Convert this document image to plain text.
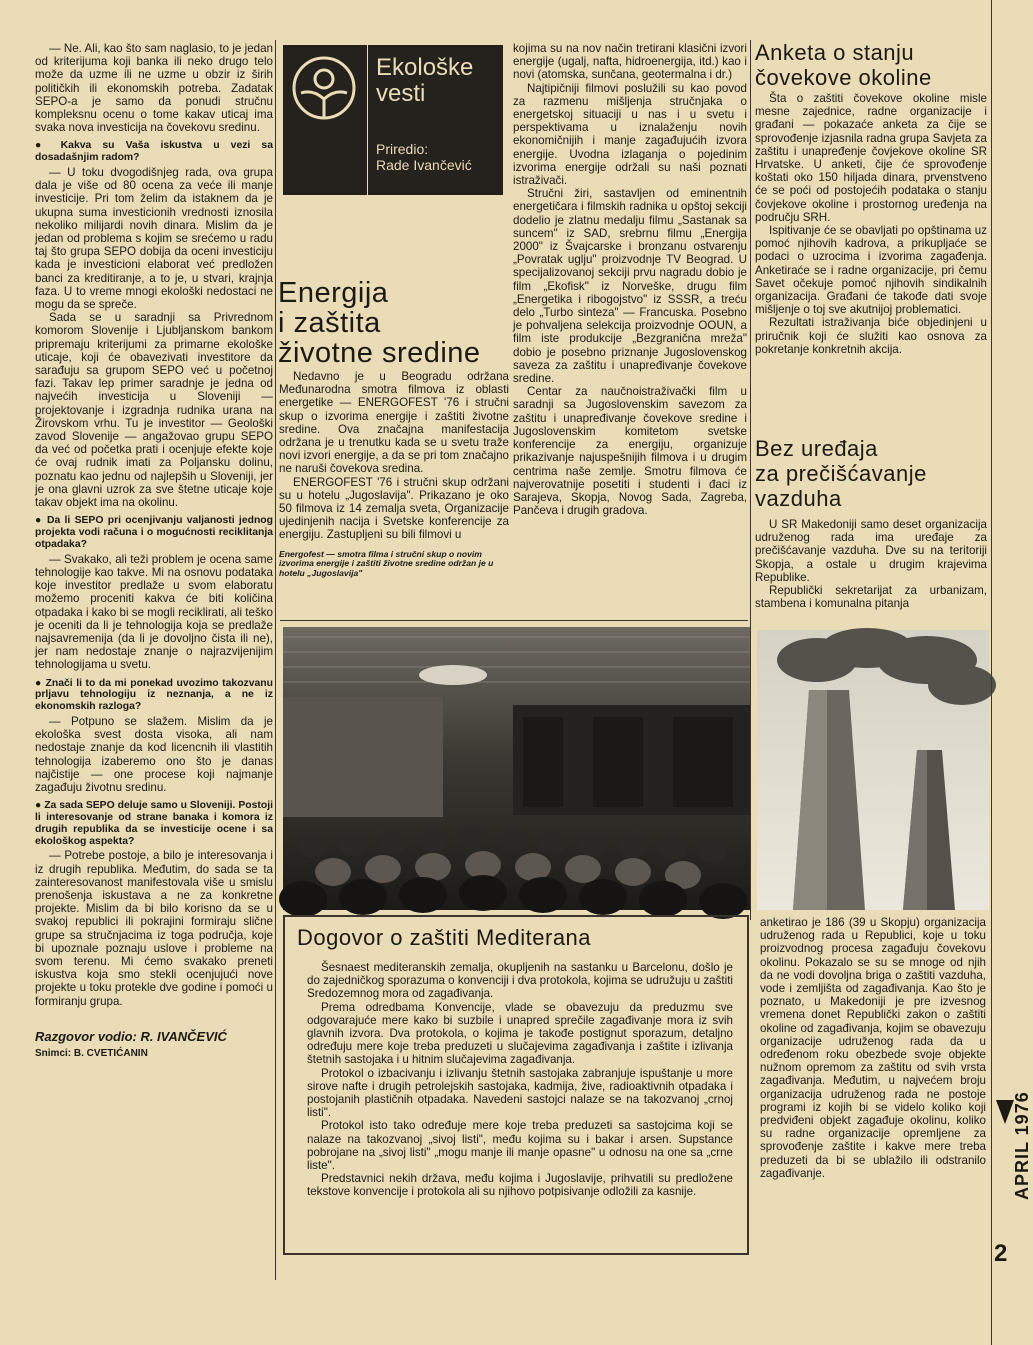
— Ne. Ali, kao što sam naglasio, to je jedan od kriterijuma koji banka ili neko drugo telo može da uzme ili ne uzme u obzir iz širih političkih ili ekonomskih potreba. Zadatak SEPO-a je samo da ponudi stručnu kompleksnu ocenu o tome kakav uticaj ima svaka nova investicija na čovekovu sredinu.

● Kakva su Vaša iskustva u vezi sa dosadašnjim radom?

— U toku dvogodišnjeg rada, ova grupa dala je više od 80 ocena za veće ili manje investicije. Pri tom želim da istaknem da je ukupna suma investicionih vrednosti iznosila nekoliko milijardi novih dinara. Mislim da je jedan od problema s kojim se srećemo u radu taj što grupa SEPO dobija da oceni investiciju kada je investicioni elaborat već predložen banci za kreditiranje, a to je, u stvari, krajnja faza. U to vreme mnogi ekološki nedostaci ne mogu da se spreče.

Sada se u saradnji sa Privrednom komorom Slovenije i Ljubljanskom bankom pripremaju kriterijumi za primarne ekološke uticaje, koji će obavezivati investitore da sarađuju sa grupom SEPO već u početnoj fazi. Takav lep primer saradnje je jedna od najvećih investicija u Sloveniji — projektovanje i izgradnja rudnika urana na Žirovskom vrhu. Tu je investitor — Geološki zavod Slovenije — angažovao grupu SEPO da već od početka prati i ocenjuje efekte koje će ovaj rudnik imati za Poljansku dolinu, poznatu kao jednu od najlepših u Sloveniji, jer je ona glavni uzrok za sve štetne uticaje koje takav objekt ima na okolinu.

● Da li SEPO pri ocenjivanju valjanosti jednog projekta vodi računa i o mogućnosti reciklitanja otpadaka?

— Svakako, ali teži problem je ocena same tehnologije kao takve. Mi na osnovu podataka koje investitor predlaže u svom elaboratu možemo proceniti kakva će biti količina otpadaka i kako bi se mogli reciklirati, ali teško je oceniti da li je tehnologija koja se predlaže najsavremenija (da li je dovoljno čista ili ne), jer nam nedostaje znanje o najrazvijenijim tehnologijama u svetu.

● Znači li to da mi ponekad uvozimo takozvanu prljavu tehnologiju iz neznanja, a ne iz ekonomskih razloga?

— Potpuno se slažem. Mislim da je ekološka svest dosta visoka, ali nam nedostaje znanje da kod licencnih ili vlastitih tehnologija izaberemo ono što je danas najčistije — one procese koji najmanje zagađuju životnu sredinu.

● Za sada SEPO deluje samo u Sloveniji. Postoji li interesovanje od strane banaka i komora iz drugih republika da se investicije ocene i sa ekološkog aspekta?

— Potrebe postoje, a bilo je interesovanja i iz drugih republika. Međutim, do sada se ta zainteresovanost manifestovala više u smislu prenošenja iskustava a ne za konkretne projekte. Mislim da bi bilo korisno da se u svakoj republici ili pokrajini formiraju slične grupe sa stručnjacima iz toga područja, koje bi upoznale poznaju uslove i probleme na svom terenu. Mi ćemo svakako preneti iskustva koja smo stekli ocenjujući nove projekte u toku protekle dve godine i pomoći u formiranju grupa.

Razgovor vodio: R. IVANČEVIĆ
Snimci: B. CVETIĆANIN
Ekološke
vesti
Priredio:
Rade Ivančević
Energija
i zaštita
životne sredine

Nedavno je u Beogradu održana Međunarodna smotra filmova iz oblasti energetike — ENERGOFEST '76 i stručni skup o izvorima energije i zaštiti životne sredine. Ova značajna manifestacija održana je u trenutku kada se u svetu traže novi izvori energije, a da se pri tom značajno ne naruši čovekova sredina.

ENERGOFEST '76 i stručni skup održani su u hotelu „Jugoslavija". Prikazano je oko 50 filmova iz 14 zemalja sveta, Organizacije ujedinjenih nacija i Svetske konferencije za energiju. Zastupljeni su bili filmovi u

Energofest — smotra filma i stručni skup o novim izvorima energije i zaštiti životne sredine održan je u hotelu „Jugoslavija"

kojima su na nov način tretirani klasični izvori energije (ugalj, nafta, hidroenergija, itd.) kao i novi (atomska, sunčana, geotermalna i dr.)

Najtipičniji filmovi poslužili su kao povod za razmenu mišljenja stručnjaka o energetskoj situaciji u nas i u svetu i perspektivama u iznalaženju novih ekonomičnijih i manje zagađujućih izvora energije. Uvodna izlaganja o pojedinim izvorima energije održali su naši poznati istraživači.

Stručni žiri, sastavljen od eminentnih energetičara i filmskih radnika u opštoj sekciji dodelio je zlatnu medalju filmu „Sastanak sa suncem" iz SAD, srebrnu filmu „Energija 2000" iz Švajcarske i bronzanu ostvarenju „Povratak uglju" proizvodnje TV Beograd. U specijalizovanoj sekciji prvu nagradu dobio je film „Ekofisk" iz Norveške, drugu film „Energetika i ribogojstvo" iz SSSR, a treću delo „Turbo sinteza" — Francuska. Posebno je pohvaljena selekcija proizvodnje OOUN, a film iste produkcije „Bezgranična mreža" dobio je posebno priznanje Jugoslovenskog saveza za zaštitu i unapređivanje čovekove sredine.

Centar za naučnoistraživački film u saradnji sa Jugoslovenskim savezom za zaštitu i unapređivanje čovekove sredine i Jugoslovenskim komitetom svetske konferencije za energiju, organizuje prikazivanje najuspešnijih filmova i u drugim centrima naše zemlje. Smotru filmova će najverovatnije posetiti i studenti i đaci iz Sarajeva, Skopja, Novog Sada, Zagreba, Pančeva i drugih gradova.

Dogovor o zaštiti Mediterana

Šesnaest mediteranskih zemalja, okupljenih na sastanku u Barcelonu, došlo je do zajedničkog sporazuma o konvenciji i dva protokola, kojima se udružuju u zaštiti Sredozemnog mora od zagađivanja.

Prema odredbama Konvencije, vlade se obavezuju da preduzmu sve odgovarajuće mere kako bi suzbile i unapred sprečile zagađivanje mora iz svih glavnih izvora. Dva protokola, o kojima je takođe postignut sporazum, detaljno određuju mere koje treba preduzeti u slučajevima zagađivanja i zaštite i izlivanja štetnih sastojaka i u hitnim slučajevima zagađivanja.

Protokol o izbacivanju i izlivanju štetnih sastojaka zabranjuje ispuštanje u more sirove nafte i drugih petrolejskih sastojaka, kadmija, žive, radioaktivnih otpadaka i postojanih plastičnih otpadaka. Navedeni sastojci nalaze se na takozvanoj „crnoj listi".

Protokol isto tako određuje mere koje treba preduzeti sa sastojcima koji se nalaze na takozvanoj „sivoj listi", među kojima su i bakar i arsen. Supstance pobrojane na „sivoj listi" „mogu manje ili manje opasne" u odnosu na one sa „crne liste".

Predstavnici nekih država, među kojima i Jugoslavije, prihvatili su predložene tekstove konvencije i protokola ali su njihovo potpisivanje odložili za kasnije.

Anketa o stanju
čovekove okoline

Šta o zaštiti čovekove okoline misle mesne zajednice, radne organizacije i građani — pokazaće anketa za čije se sprovođenje izjasnila radna grupa Savjeta za zaštitu i unapređenje čovjekove okoline SR Hrvatske. U anketi, čije će sprovođenje koštati oko 150 hiljada dinara, prvenstveno će se poći od postojećih podataka o stanju čovjekove okoline i prostornog uređenja na području SRH.

Ispitivanje će se obavljati po opštinama uz pomoć njihovih kadrova, a prikupljaće se podaci o uzrocima i izvorima zagađenja. Anketiraće se i radne organizacije, pri čemu Savet očekuje pomoć njihovih sindikalnih organizacija. Građani će takođe dati svoje mišljenje o toj sve akutnijoj problematici.

Rezultati istraživanja biće objedinjeni u priručnik koji će služiti kao osnova za pokretanje konkretnih akcija.

Bez uređaja
za prečišćavanje
vazduha

U SR Makedoniji samo deset organizacija udruženog rada ima uređaje za prečišćavanje vazduha. Dve su na teritoriji Skopja, a ostale u drugim krajevima Republike.

Republički sekretarijat za urbanizam, stambena i komunalna pitanja

anketirao je 186 (39 u Skopju) organizacija udruženog rada u Republici, koje u toku proizvodnog procesa zagađuju čovekovu okolinu. Pokazalo se su se mnoge od njih da ne vodi dovoljna briga o zaštiti vazduha, vode i zemljišta od zagađivanja. Kao što je poznato, u Makedoniji je pre izvesnog vremena donet Republički zakon o zaštiti okoline od zagađivanja, kojim se obavezuju organizacije udruženog rada da u određenom roku obezbede svoje objekte nužnom opremom za zaštitu od svih vrsta zagađivanja. Međutim, u najvećem broju organizacija udruženog rada ne postoje programi iz kojih bi se videlo koliko koji predviđeni objekt zagađuje okolinu, koliko su radne organizacije opremljene za sprovođenje zaštite i kakve mere treba preduzeti da bi se ublažilo ili odstranilo zagađivanje.	APRIL 1976
2
